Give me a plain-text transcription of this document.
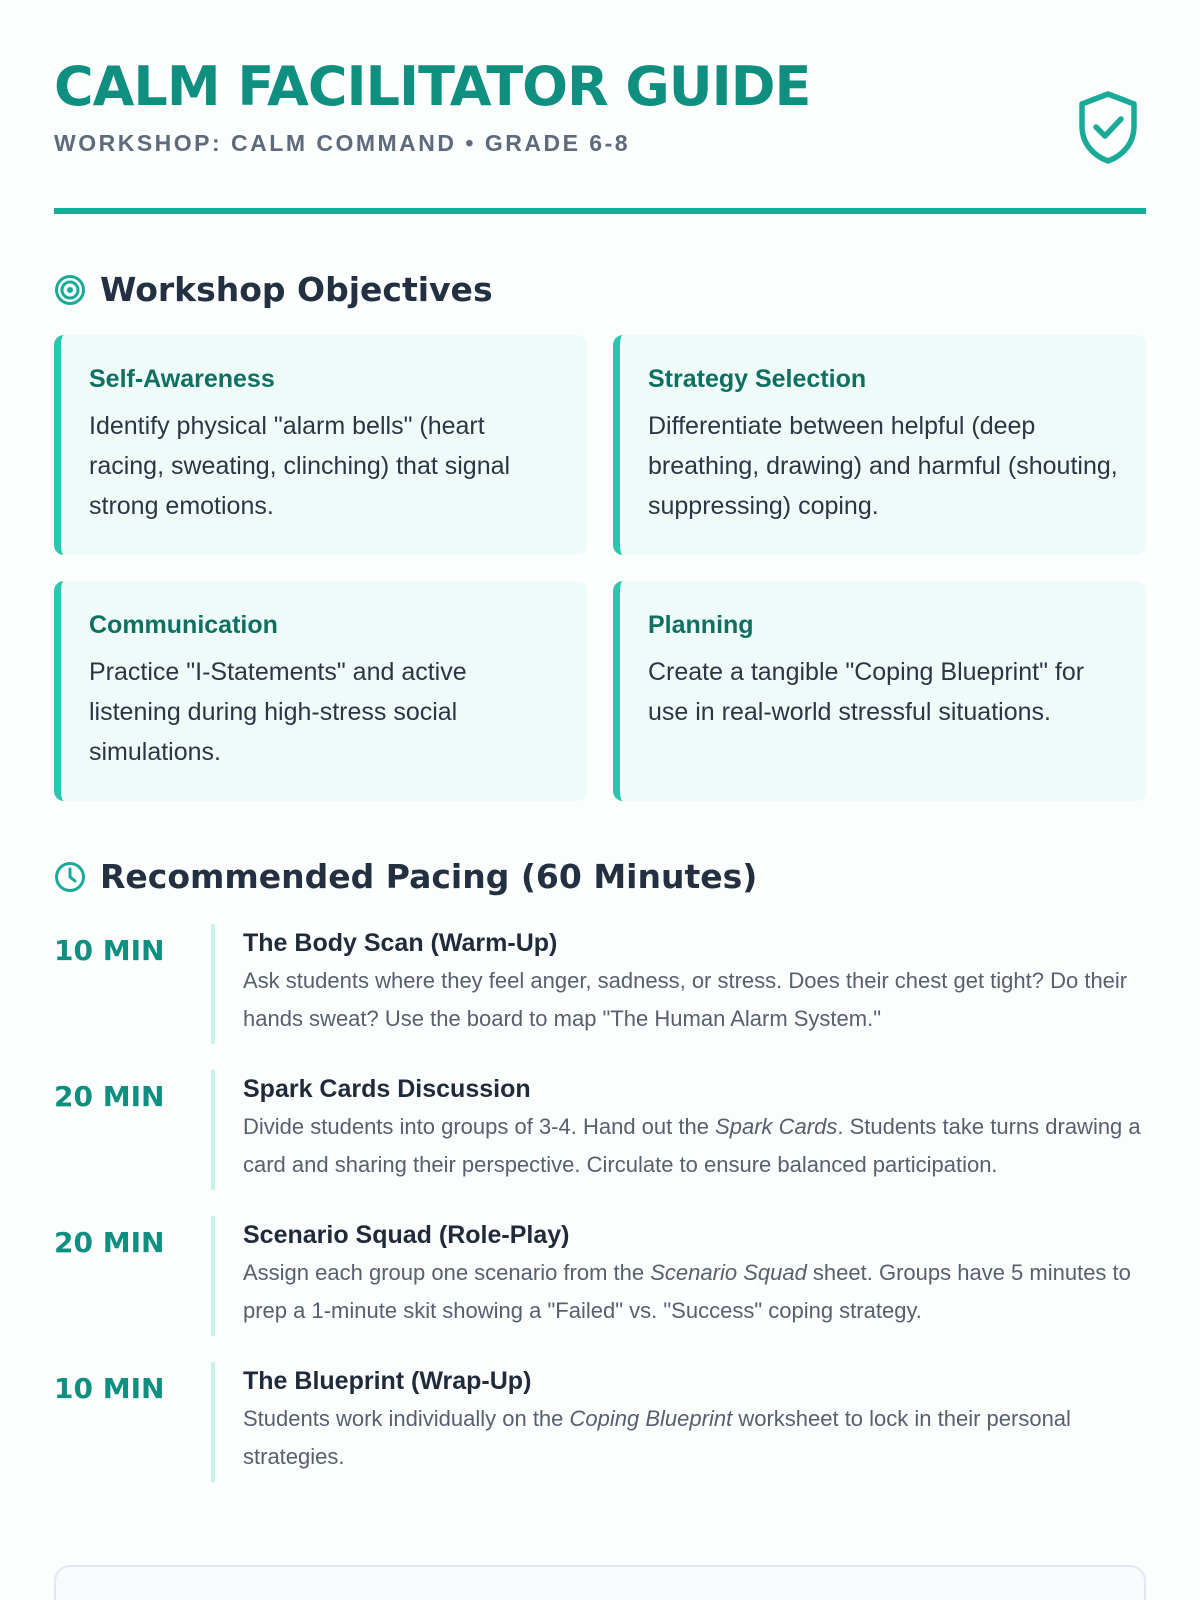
CALM FACILITATOR GUIDE
WORKSHOP: CALM COMMAND • GRADE 6-8
Workshop Objectives
Self-Awareness
Identify physical "alarm bells" (heart racing, sweating, clinching) that signal strong emotions.
Strategy Selection
Differentiate between helpful (deep breathing, drawing) and harmful (shouting, suppressing) coping.
Communication
Practice "I-Statements" and active listening during high-stress social simulations.
Planning
Create a tangible "Coping Blueprint" for use in real-world stressful situations.
Recommended Pacing (60 Minutes)
10 MIN	The Body Scan (Warm-Up)
Ask students where they feel anger, sadness, or stress. Does their chest get tight? Do their hands sweat? Use the board to map "The Human Alarm System."
20 MIN	Spark Cards Discussion
Divide students into groups of 3-4. Hand out the Spark Cards. Students take turns drawing a card and sharing their perspective. Circulate to ensure balanced participation.
20 MIN	Scenario Squad (Role-Play)
Assign each group one scenario from the Scenario Squad sheet. Groups have 5 minutes to prep a 1-minute skit showing a "Failed" vs. "Success" coping strategy.
10 MIN	The Blueprint (Wrap-Up)
Students work individually on the Coping Blueprint worksheet to lock in their personal strategies.
